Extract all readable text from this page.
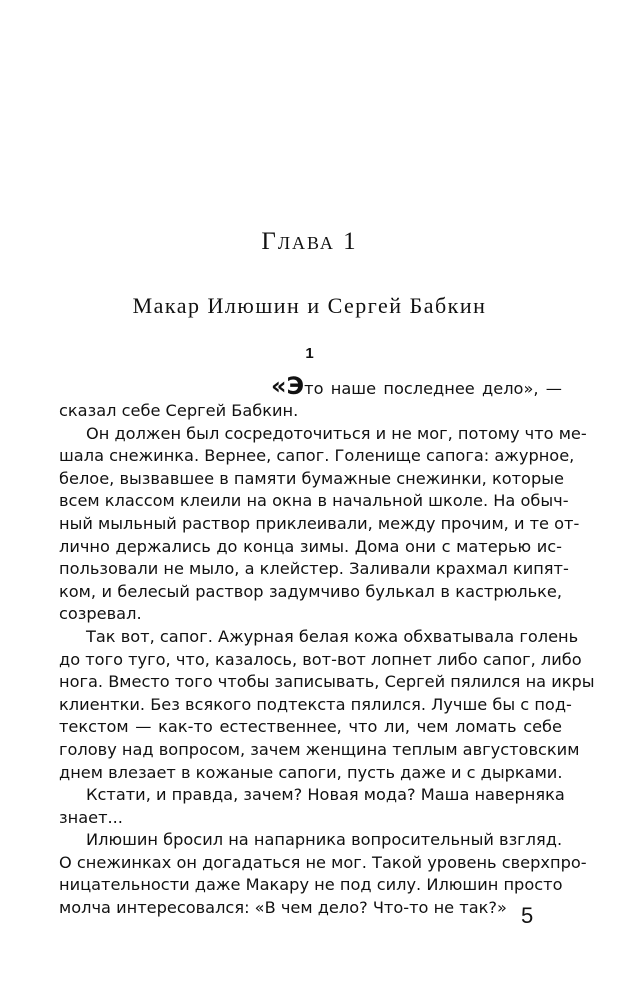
Глава 1
Макар Илюшин и Сергей Бабкин
1
«Это наше последнее дело», —
сказал себе Сергей Бабкин.
Он должен был сосредоточиться и не мог, потому что ме-
шала снежинка. Вернее, сапог. Голенище сапога: ажурное,
белое, вызвавшее в памяти бумажные снежинки, которые
всем классом клеили на окна в начальной школе. На обыч-
ный мыльный раствор приклеивали, между прочим, и те от-
лично держались до конца зимы. Дома они с матерью ис-
пользовали не мыло, а клейстер. Заливали крахмал кипят-
ком, и белесый раствор задумчиво булькал в кастрюльке,
созревал.
Так вот, сапог. Ажурная белая кожа обхватывала голень
до того туго, что, казалось, вот-вот лопнет либо сапог, либо
нога. Вместо того чтобы записывать, Сергей пялился на икры
клиентки. Без всякого подтекста пялился. Лучше бы с под-
текстом — как-то естественнее, что ли, чем ломать себе
голову над вопросом, зачем женщина теплым августовским
днем влезает в кожаные сапоги, пусть даже и с дырками.
Кстати, и правда, зачем? Новая мода? Маша наверняка
знает...
Илюшин бросил на напарника вопросительный взгляд.
О снежинках он догадаться не мог. Такой уровень сверхпро-
ницательности даже Макару не под силу. Илюшин просто
молча интересовался: «В чем дело? Что-то не так?» 5
